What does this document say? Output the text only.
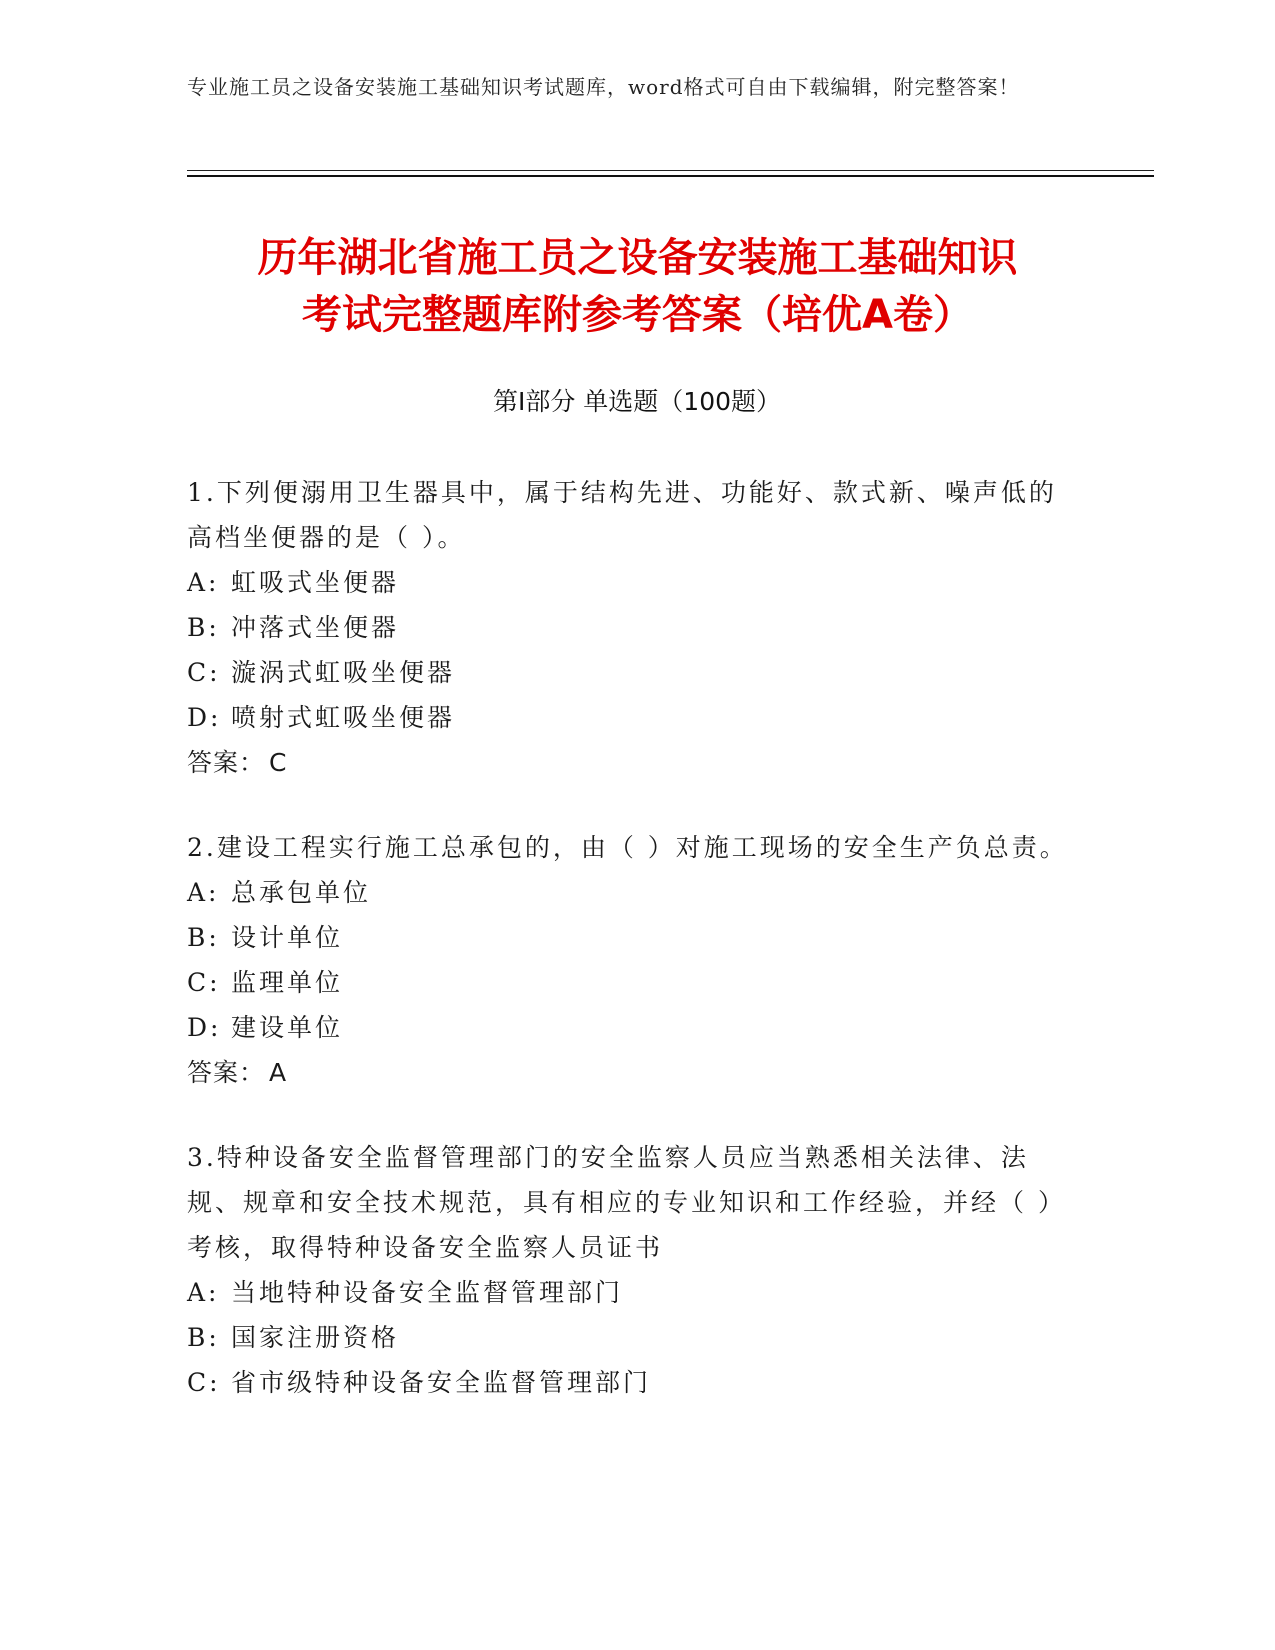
专业施工员之设备安装施工基础知识考试题库，word格式可自由下载编辑，附完整答案！
历年湖北省施工员之设备安装施工基础知识
考试完整题库附参考答案（培优A卷）
第Ⅰ部分 单选题（100题）
1.下列便溺用卫生器具中，属于结构先进、功能好、款式新、噪声低的高档坐便器的是（ ）。
A: 虹吸式坐便器
B: 冲落式坐便器
C: 漩涡式虹吸坐便器
D: 喷射式虹吸坐便器
答案： C
2.建设工程实行施工总承包的，由（ ）对施工现场的安全生产负总责。
A: 总承包单位
B: 设计单位
C: 监理单位
D: 建设单位
答案： A
3.特种设备安全监督管理部门的安全监察人员应当熟悉相关法律、法规、规章和安全技术规范，具有相应的专业知识和工作经验，并经（ ）考核，取得特种设备安全监察人员证书
A: 当地特种设备安全监督管理部门
B: 国家注册资格
C: 省市级特种设备安全监督管理部门
